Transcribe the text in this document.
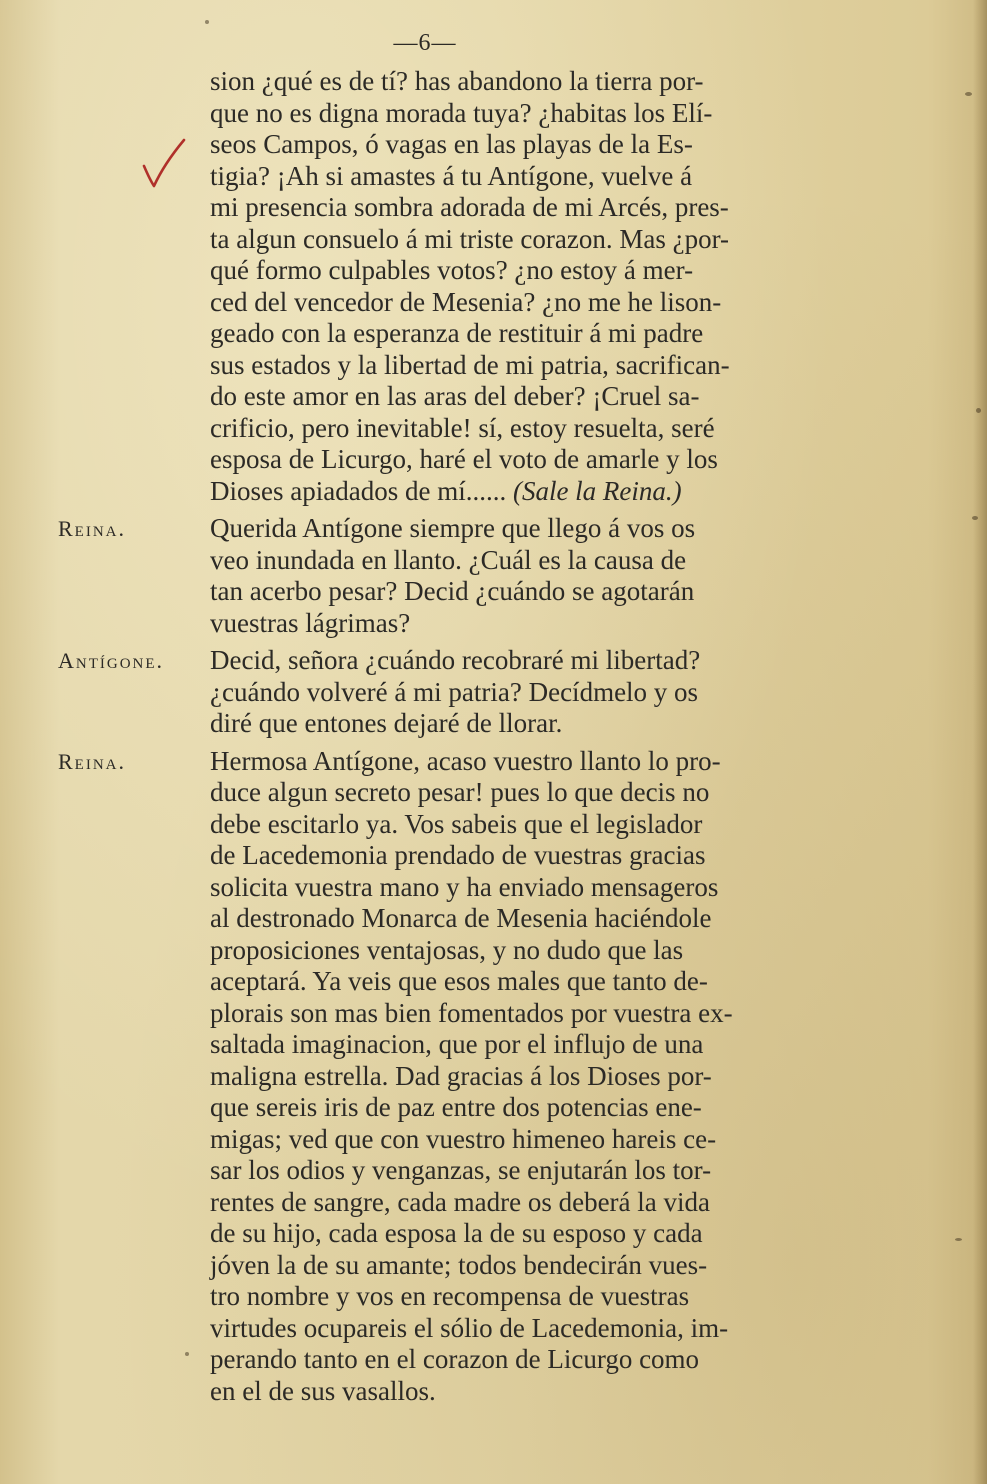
—6—
sion ¿qué es de tí? has abandono la tierra por-
que no es digna morada tuya? ¿habitas los Elí-
seos Campos, ó vagas en las playas de la Es-
tigia? ¡Ah si amastes á tu Antígone, vuelve á
mi presencia sombra adorada de mi Arcés, pres-
ta algun consuelo á mi triste corazon. Mas ¿por-
qué formo culpables votos? ¿no estoy á mer-
ced del vencedor de Mesenia? ¿no me he lison-
geado con la esperanza de restituir á mi padre
sus estados y la libertad de mi patria, sacrifican-
do este amor en las aras del deber? ¡Cruel sa-
crificio, pero inevitable! sí, estoy resuelta, seré
esposa de Licurgo, haré el voto de amarle y los
Dioses apiadados de mí...... (Sale la Reina.)
Reina.	Querida Antígone siempre que llego á vos os
veo inundada en llanto. ¿Cuál es la causa de
tan acerbo pesar? Decid ¿cuándo se agotarán
vuestras lágrimas?
Antígone.	Decid, señora ¿cuándo recobraré mi libertad?
¿cuándo volveré á mi patria? Decídmelo y os
diré que entones dejaré de llorar.
Reina.	Hermosa Antígone, acaso vuestro llanto lo pro-
duce algun secreto pesar! pues lo que decis no
debe escitarlo ya. Vos sabeis que el legislador
de Lacedemonia prendado de vuestras gracias
solicita vuestra mano y ha enviado mensageros
al destronado Monarca de Mesenia haciéndole
proposiciones ventajosas, y no dudo que las
aceptará. Ya veis que esos males que tanto de-
plorais son mas bien fomentados por vuestra ex-
saltada imaginacion, que por el influjo de una
maligna estrella. Dad gracias á los Dioses por-
que sereis iris de paz entre dos potencias ene-
migas; ved que con vuestro himeneo hareis ce-
sar los odios y venganzas, se enjutarán los tor-
rentes de sangre, cada madre os deberá la vida
de su hijo, cada esposa la de su esposo y cada
jóven la de su amante; todos bendecirán vues-
tro nombre y vos en recompensa de vuestras
virtudes ocupareis el sólio de Lacedemonia, im-
perando tanto en el corazon de Licurgo como
en el de sus vasallos.
